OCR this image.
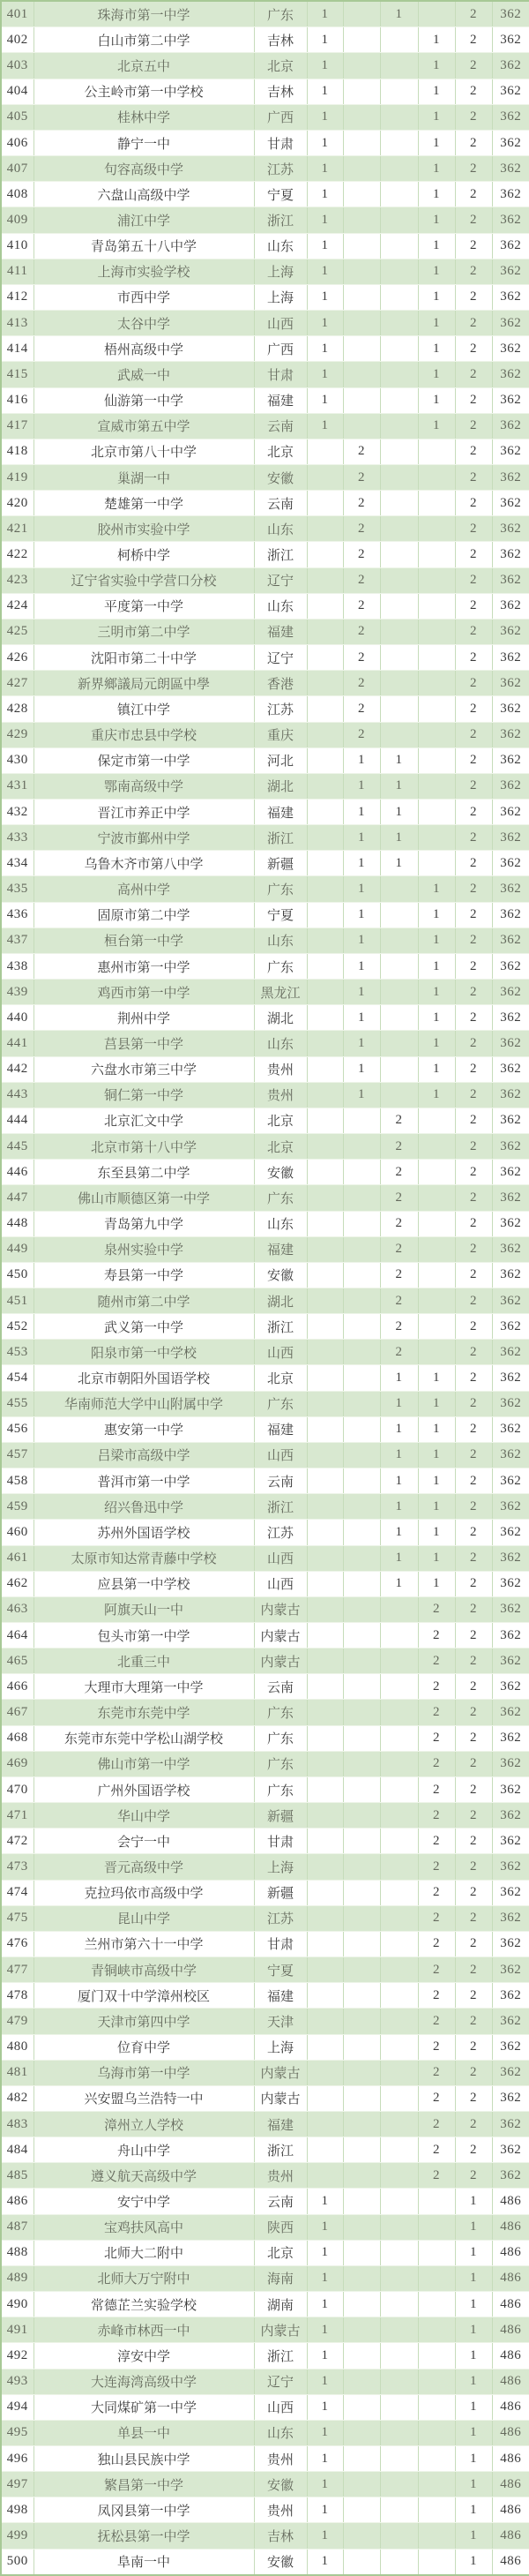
401	珠海市第一中学	广东	1		1		2	362
402	白山市第二中学	吉林	1			1	2	362
403	北京五中	北京	1			1	2	362
404	公主岭市第一中学校	吉林	1			1	2	362
405	桂林中学	广西	1			1	2	362
406	静宁一中	甘肃	1			1	2	362
407	句容高级中学	江苏	1			1	2	362
408	六盘山高级中学	宁夏	1			1	2	362
409	浦江中学	浙江	1			1	2	362
410	青岛第五十八中学	山东	1			1	2	362
411	上海市实验学校	上海	1			1	2	362
412	市西中学	上海	1			1	2	362
413	太谷中学	山西	1			1	2	362
414	梧州高级中学	广西	1			1	2	362
415	武威一中	甘肃	1			1	2	362
416	仙游第一中学	福建	1			1	2	362
417	宣威市第五中学	云南	1			1	2	362
418	北京市第八十中学	北京		2			2	362
419	巢湖一中	安徽		2			2	362
420	楚雄第一中学	云南		2			2	362
421	胶州市实验中学	山东		2			2	362
422	柯桥中学	浙江		2			2	362
423	辽宁省实验中学营口分校	辽宁		2			2	362
424	平度第一中学	山东		2			2	362
425	三明市第二中学	福建		2			2	362
426	沈阳市第二十中学	辽宁		2			2	362
427	新界鄉議局元朗區中學	香港		2			2	362
428	镇江中学	江苏		2			2	362
429	重庆市忠县中学校	重庆		2			2	362
430	保定市第一中学	河北		1	1		2	362
431	鄂南高级中学	湖北		1	1		2	362
432	晋江市养正中学	福建		1	1		2	362
433	宁波市鄞州中学	浙江		1	1		2	362
434	乌鲁木齐市第八中学	新疆		1	1		2	362
435	高州中学	广东		1		1	2	362
436	固原市第二中学	宁夏		1		1	2	362
437	桓台第一中学	山东		1		1	2	362
438	惠州市第一中学	广东		1		1	2	362
439	鸡西市第一中学	黑龙江		1		1	2	362
440	荆州中学	湖北		1		1	2	362
441	莒县第一中学	山东		1		1	2	362
442	六盘水市第三中学	贵州		1		1	2	362
443	铜仁第一中学	贵州		1		1	2	362
444	北京汇文中学	北京			2		2	362
445	北京市第十八中学	北京			2		2	362
446	东至县第二中学	安徽			2		2	362
447	佛山市顺德区第一中学	广东			2		2	362
448	青岛第九中学	山东			2		2	362
449	泉州实验中学	福建			2		2	362
450	寿县第一中学	安徽			2		2	362
451	随州市第二中学	湖北			2		2	362
452	武义第一中学	浙江			2		2	362
453	阳泉市第一中学校	山西			2		2	362
454	北京市朝阳外国语学校	北京			1	1	2	362
455	华南师范大学中山附属中学	广东			1	1	2	362
456	惠安第一中学	福建			1	1	2	362
457	吕梁市高级中学	山西			1	1	2	362
458	普洱市第一中学	云南			1	1	2	362
459	绍兴鲁迅中学	浙江			1	1	2	362
460	苏州外国语学校	江苏			1	1	2	362
461	太原市知达常青藤中学校	山西			1	1	2	362
462	应县第一中学校	山西			1	1	2	362
463	阿旗天山一中	内蒙古				2	2	362
464	包头市第一中学	内蒙古				2	2	362
465	北重三中	内蒙古				2	2	362
466	大理市大理第一中学	云南				2	2	362
467	东莞市东莞中学	广东				2	2	362
468	东莞市东莞中学松山湖学校	广东				2	2	362
469	佛山市第一中学	广东				2	2	362
470	广州外国语学校	广东				2	2	362
471	华山中学	新疆				2	2	362
472	会宁一中	甘肃				2	2	362
473	晋元高级中学	上海				2	2	362
474	克拉玛依市高级中学	新疆				2	2	362
475	昆山中学	江苏				2	2	362
476	兰州市第六十一中学	甘肃				2	2	362
477	青铜峡市高级中学	宁夏				2	2	362
478	厦门双十中学漳州校区	福建				2	2	362
479	天津市第四中学	天津				2	2	362
480	位育中学	上海				2	2	362
481	乌海市第一中学	内蒙古				2	2	362
482	兴安盟乌兰浩特一中	内蒙古				2	2	362
483	漳州立人学校	福建				2	2	362
484	舟山中学	浙江				2	2	362
485	遵义航天高级中学	贵州				2	2	362
486	安宁中学	云南	1				1	486
487	宝鸡扶风高中	陕西	1				1	486
488	北师大二附中	北京	1				1	486
489	北师大万宁附中	海南	1				1	486
490	常德芷兰实验学校	湖南	1				1	486
491	赤峰市林西一中	内蒙古	1				1	486
492	淳安中学	浙江	1				1	486
493	大连海湾高级中学	辽宁	1				1	486
494	大同煤矿第一中学	山西	1				1	486
495	单县一中	山东	1				1	486
496	独山县民族中学	贵州	1				1	486
497	繁昌第一中学	安徽	1				1	486
498	凤冈县第一中学	贵州	1				1	486
499	抚松县第一中学	吉林	1				1	486
500	阜南一中	安徽	1				1	486
